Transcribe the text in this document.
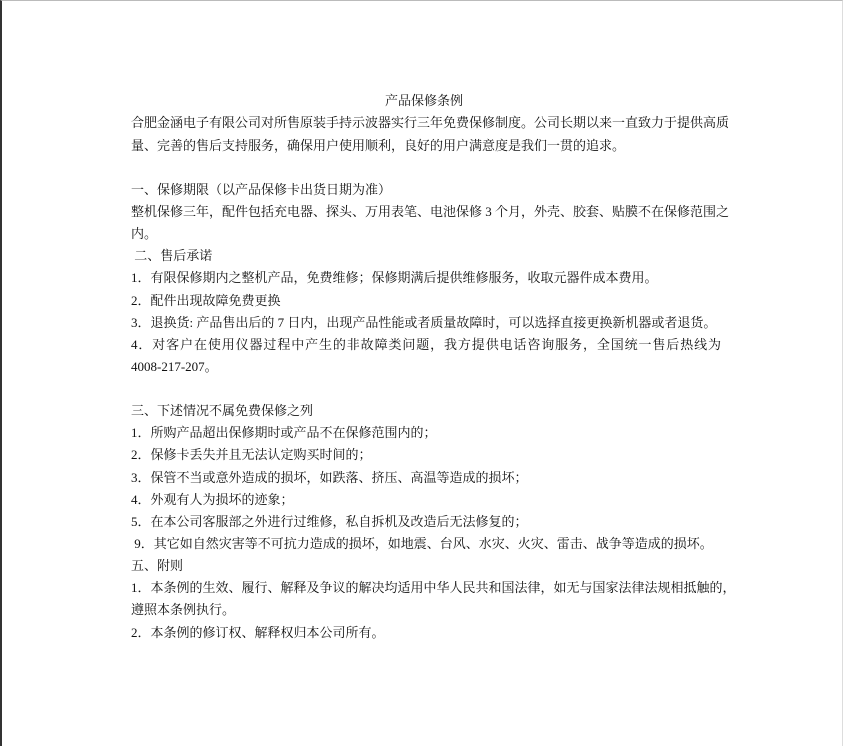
产品保修条例
合肥金涵电子有限公司对所售原装手持示波器实行三年免费保修制度。公司长期以来一直致力于提供高质
量、完善的售后支持服务，确保用户使用顺利，良好的用户满意度是我们一贯的追求。
一、保修期限（以产品保修卡出货日期为准）
整机保修三年，配件包括充电器、探头、万用表笔、电池保修 3 个月，外壳、胶套、贴膜不在保修范围之
内。
二、售后承诺
1．有限保修期内之整机产品，免费维修；保修期满后提供维修服务，收取元器件成本费用。
2．配件出现故障免费更换
3．退换货: 产品售出后的 7 日内，出现产品性能或者质量故障时，可以选择直接更换新机器或者退货。
4．对客户在使用仪器过程中产生的非故障类问题，我方提供电话咨询服务，全国统一售后热线为
4008-217-207。
三、下述情况不属免费保修之列
1．所购产品超出保修期时或产品不在保修范围内的；
2．保修卡丢失并且无法认定购买时间的；
3．保管不当或意外造成的损坏，如跌落、挤压、高温等造成的损坏；
4．外观有人为损坏的迹象；
5．在本公司客服部之外进行过维修，私自拆机及改造后无法修复的；
9．其它如自然灾害等不可抗力造成的损坏，如地震、台风、水灾、火灾、雷击、战争等造成的损坏。
五、附则
1．本条例的生效、履行、解释及争议的解决均适用中华人民共和国法律，如无与国家法律法规相抵触的，
遵照本条例执行。
2．本条例的修订权、解释权归本公司所有。
